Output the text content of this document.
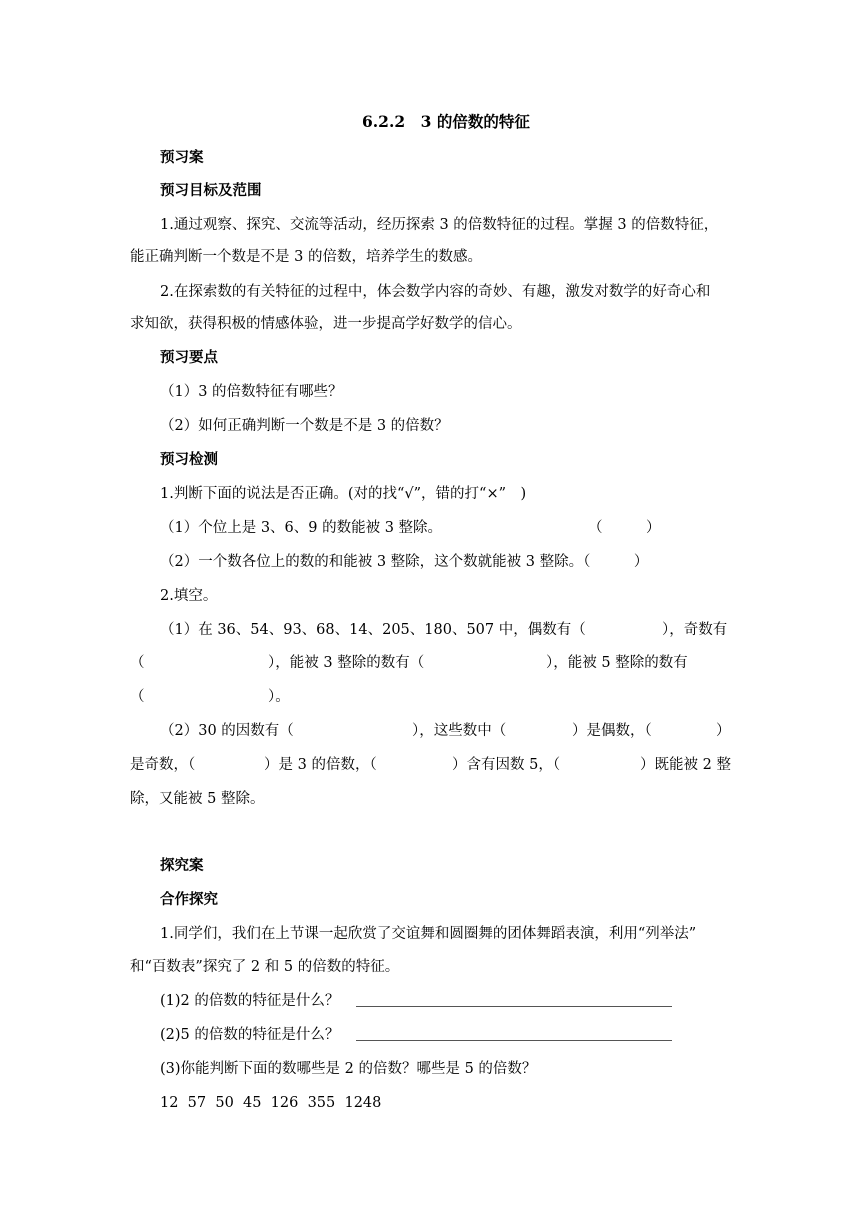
6.2.2　3 的倍数的特征
预习案
预习目标及范围
1.通过观察、探究、交流等活动，经历探索 3 的倍数特征的过程。掌握 3 的倍数特征，
能正确判断一个数是不是 3 的倍数，培养学生的数感。
2.在探索数的有关特征的过程中，体会数学内容的奇妙、有趣，激发对数学的好奇心和
求知欲，获得积极的情感体验，进一步提高学好数学的信心。
预习要点
（1）3 的倍数特征有哪些？
（2）如何正确判断一个数是不是 3 的倍数？
预习检测
1.判断下面的说法是否正确。(对的找“√”，错的打“×”　)
（1）个位上是 3、6、9 的数能被 3 整除。	（　　　）
（2）一个数各位上的数的和能被 3 整除，这个数就能被 3 整除。（　　　）
2.填空。
（1）在 36、54、93、68、14、205、180、507 中，偶数有（	），奇数有
（	），能被 3 整除的数有（	），能被 5 整除的数有
（	）。
（2）30 的因数有（	），这些数中（	）是偶数，（	）
是奇数，（	）是 3 的倍数，（	）含有因数 5，（	）既能被 2 整
除，又能被 5 整除。
探究案
合作探究
1.同学们，我们在上节课一起欣赏了交谊舞和圆圈舞的团体舞蹈表演，利用“列举法”
和“百数表”探究了 2 和 5 的倍数的特征。
(1)2 的倍数的特征是什么？
(2)5 的倍数的特征是什么？
(3)你能判断下面的数哪些是 2 的倍数？哪些是 5 的倍数？
12  57  50  45  126  355  1248
